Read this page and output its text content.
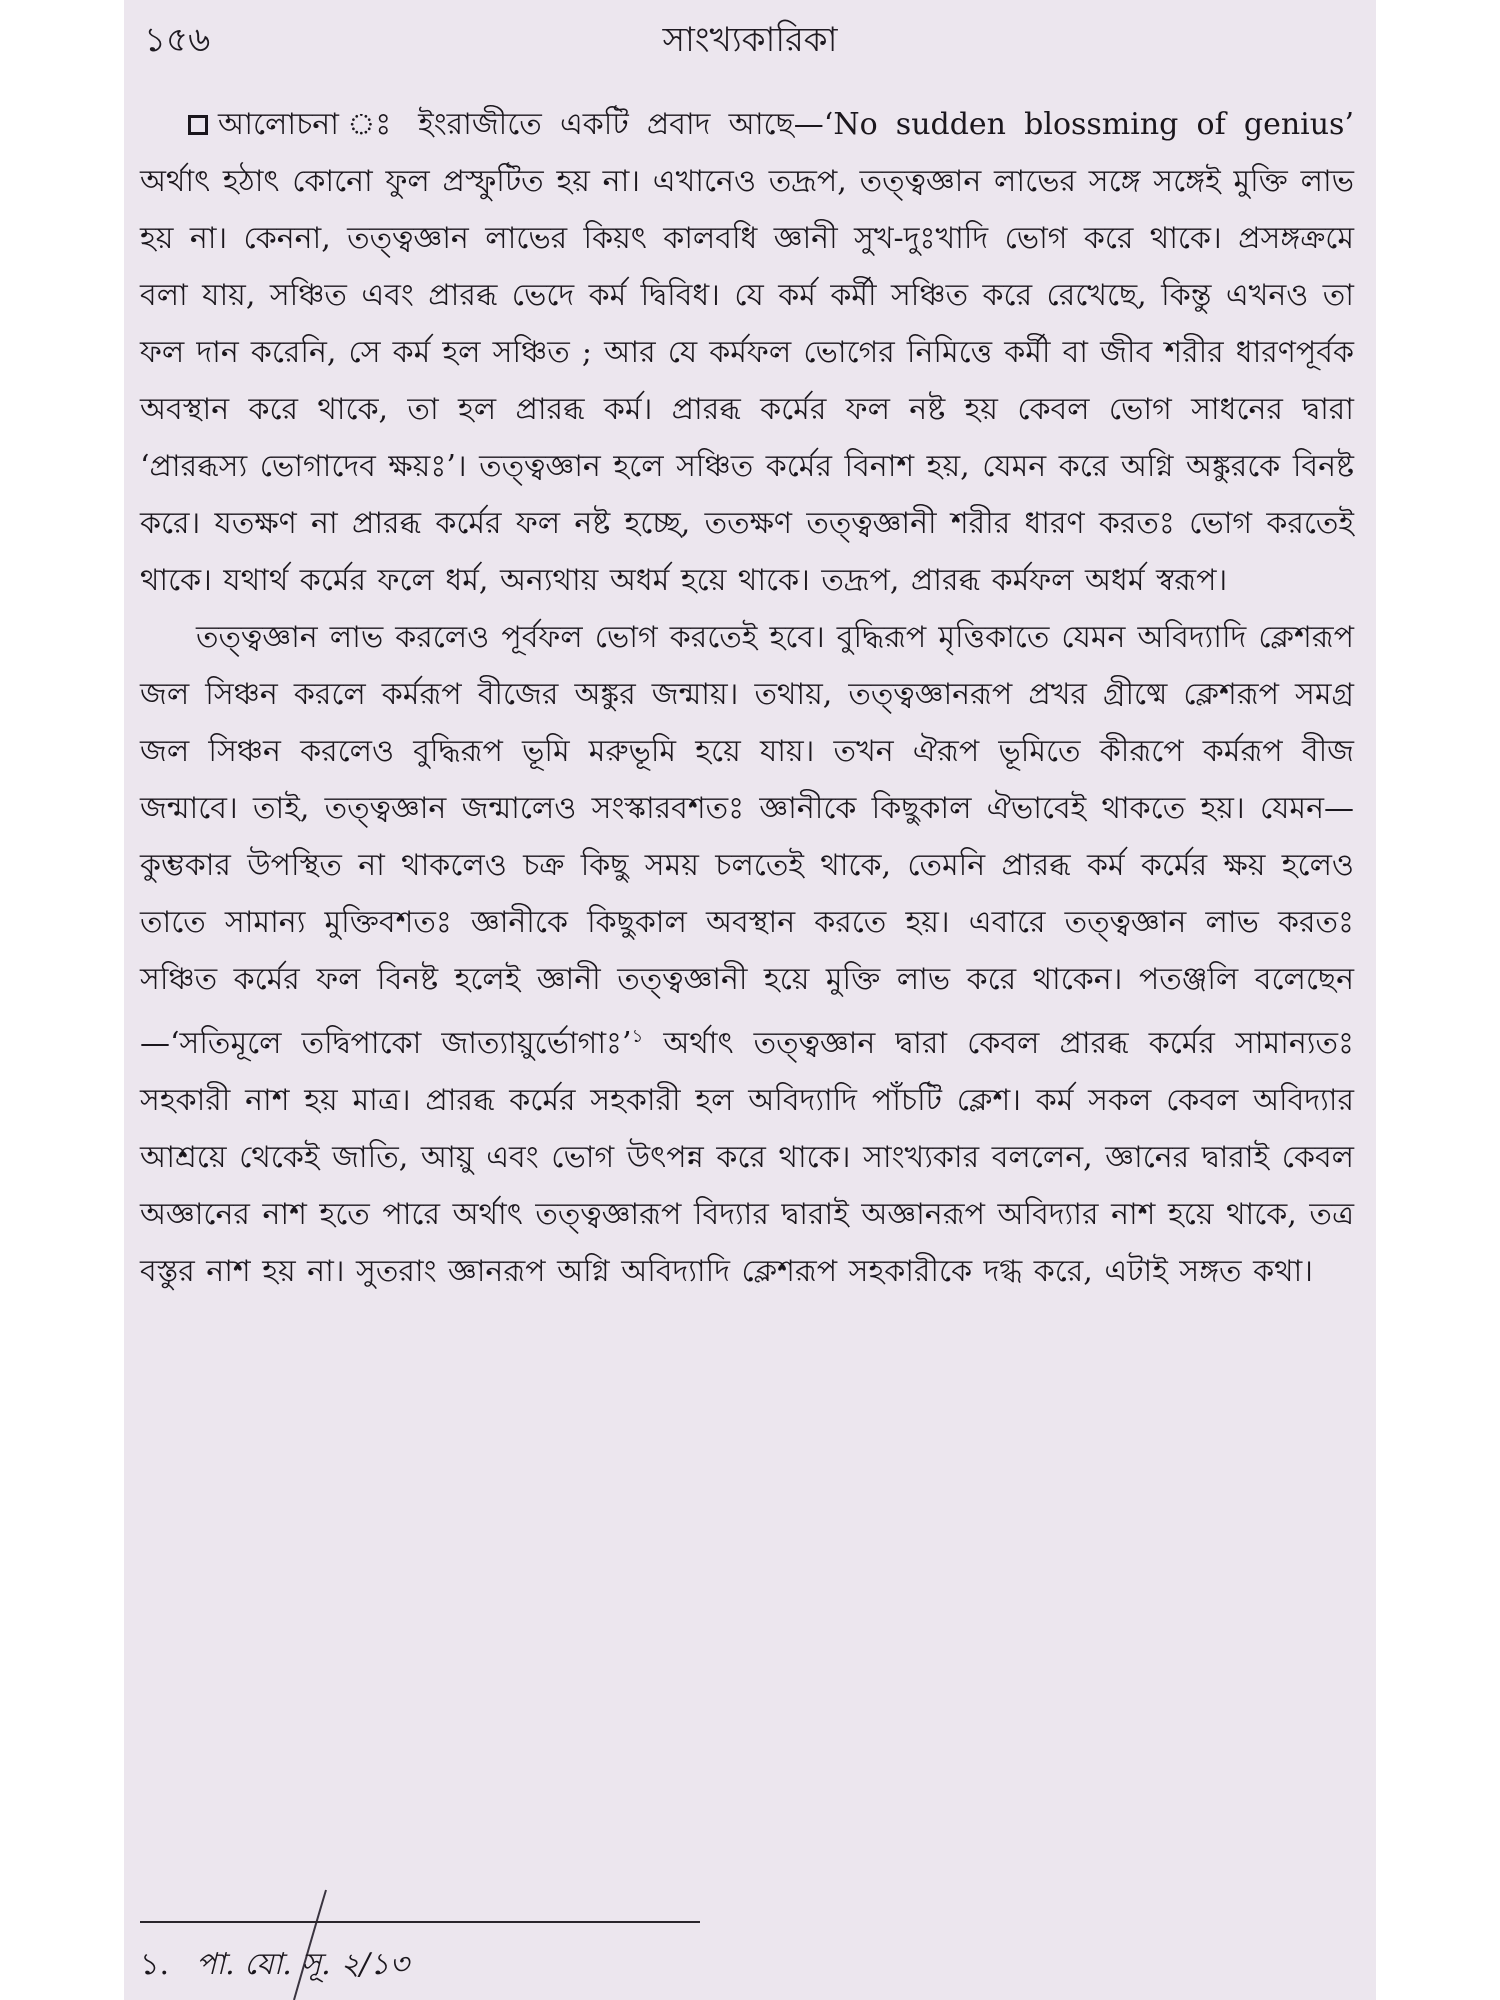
১৫৬	সাংখ্যকারিকা

আলোচনা ঃ ইংরাজীতে একটি প্রবাদ আছে—‘No sudden blossming of genius’ অর্থাৎ হঠাৎ কোনো ফুল প্রস্ফুটিত হয় না। এখানেও তদ্রূপ, তত্ত্বজ্ঞান লাভের সঙ্গে সঙ্গেই মুক্তি লাভ হয় না। কেননা, তত্ত্বজ্ঞান লাভের কিয়ৎ কালবধি জ্ঞানী সুখ-দুঃখাদি ভোগ করে থাকে। প্রসঙ্গক্রমে বলা যায়, সঞ্চিত এবং প্রারব্ধ ভেদে কর্ম দ্বিবিধ। যে কর্ম কর্মী সঞ্চিত করে রেখেছে, কিন্তু এখনও তা ফল দান করেনি, সে কর্ম হল সঞ্চিত ; আর যে কর্মফল ভোগের নিমিত্তে কর্মী বা জীব শরীর ধারণপূর্বক অবস্থান করে থাকে, তা হল প্রারব্ধ কর্ম। প্রারব্ধ কর্মের ফল নষ্ট হয় কেবল ভোগ সাধনের দ্বারা ‘প্রারব্ধস্য ভোগাদেব ক্ষয়ঃ’। তত্ত্বজ্ঞান হলে সঞ্চিত কর্মের বিনাশ হয়, যেমন করে অগ্নি অঙ্কুরকে বিনষ্ট করে। যতক্ষণ না প্রারব্ধ কর্মের ফল নষ্ট হচ্ছে, ততক্ষণ তত্ত্বজ্ঞানী শরীর ধারণ করতঃ ভোগ করতেই থাকে। যথার্থ কর্মের ফলে ধর্ম, অন্যথায় অধর্ম হয়ে থাকে। তদ্রূপ, প্রারব্ধ কর্মফল অধর্ম স্বরূপ।

তত্ত্বজ্ঞান লাভ করলেও পূর্বফল ভোগ করতেই হবে। বুদ্ধিরূপ মৃত্তিকাতে যেমন অবিদ্যাদি ক্লেশরূপ জল সিঞ্চন করলে কর্মরূপ বীজের অঙ্কুর জন্মায়। তথায়, তত্ত্বজ্ঞানরূপ প্রখর গ্রীষ্মে ক্লেশরূপ সমগ্র জল সিঞ্চন করলেও বুদ্ধিরূপ ভূমি মরুভূমি হয়ে যায়। তখন ঐরূপ ভূমিতে কীরূপে কর্মরূপ বীজ জন্মাবে। তাই, তত্ত্বজ্ঞান জন্মালেও সংস্কারবশতঃ জ্ঞানীকে কিছুকাল ঐভাবেই থাকতে হয়। যেমন—কুম্ভকার উপস্থিত না থাকলেও চক্র কিছু সময় চলতেই থাকে, তেমনি প্রারব্ধ কর্ম কর্মের ক্ষয় হলেও তাতে সামান্য মুক্তিবশতঃ জ্ঞানীকে কিছুকাল অবস্থান করতে হয়। এবারে তত্ত্বজ্ঞান লাভ করতঃ সঞ্চিত কর্মের ফল বিনষ্ট হলেই জ্ঞানী তত্ত্বজ্ঞানী হয়ে মুক্তি লাভ করে থাকেন। পতঞ্জলি বলেছেন—‘সতিমূলে তদ্বিপাকো জাত্যায়ুর্ভোগাঃ’$^১$ অর্থাৎ তত্ত্বজ্ঞান দ্বারা কেবল প্রারব্ধ কর্মের সামান্যতঃ সহকারী নাশ হয় মাত্র। প্রারব্ধ কর্মের সহকারী হল অবিদ্যাদি পাঁচটি ক্লেশ। কর্ম সকল কেবল অবিদ্যার আশ্রয়ে থেকেই জাতি, আয়ু এবং ভোগ উৎপন্ন করে থাকে। সাংখ্যকার বললেন, জ্ঞানের দ্বারাই কেবল অজ্ঞানের নাশ হতে পারে অর্থাৎ তত্ত্বজ্ঞারূপ বিদ্যার দ্বারাই অজ্ঞানরূপ অবিদ্যার নাশ হয়ে থাকে, তত্র বস্তুর নাশ হয় না। সুতরাং জ্ঞানরূপ অগ্নি অবিদ্যাদি ক্লেশরূপ সহকারীকে দগ্ধ করে, এটাই সঙ্গত কথা।

১. পা. যো. সূ. ২/১৩
